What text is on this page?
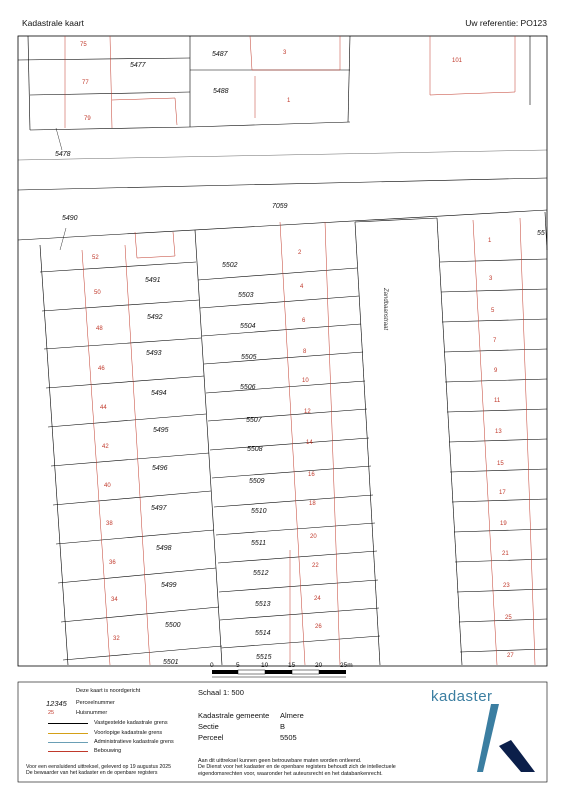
Kadastrale kaart	Uw referentie: PO123
5477
5478
5487
5488
5490
7059
5491
5492
5493
5494
5495
5496
5497
5498
5499
5500
5501
5502
5503
5504
5505
5506
5507
5508
5509
5510
5511
5512
5513
5514
5515
55
75
77
79
3
1
101
52
50
48
46
44
42
40
38
36
34
32
2
4
6
8
10
12
14
16
18
20
22
24
26
1
3
5
7
9
11
13
15
17
19
21
23
25
27
Zandbaanstraat
0	5	10	15	20	25m
Deze kaart is noordgericht
12345 Perceelnummer
25	Huisnummer
Vastgestelde kadastrale grens
Voorlopige kadastrale grens
Administratieve kadastrale grens
Bebouwing
Voor een eensluidend uittreksel, geleverd op 19 augustus 2025
De bewaarder van het kadaster en de openbare registers
Schaal 1: 500
Kadastrale gemeente Almere
Sectie	B
Perceel	5505
Aan dit uittreksel kunnen geen betrouwbare maten worden ontleend.
De Dienst voor het kadaster en de openbare registers behoudt zich de intellectuele eigendomsrechten voor, waaronder het auteursrecht en het databankenrecht.
kadaster
